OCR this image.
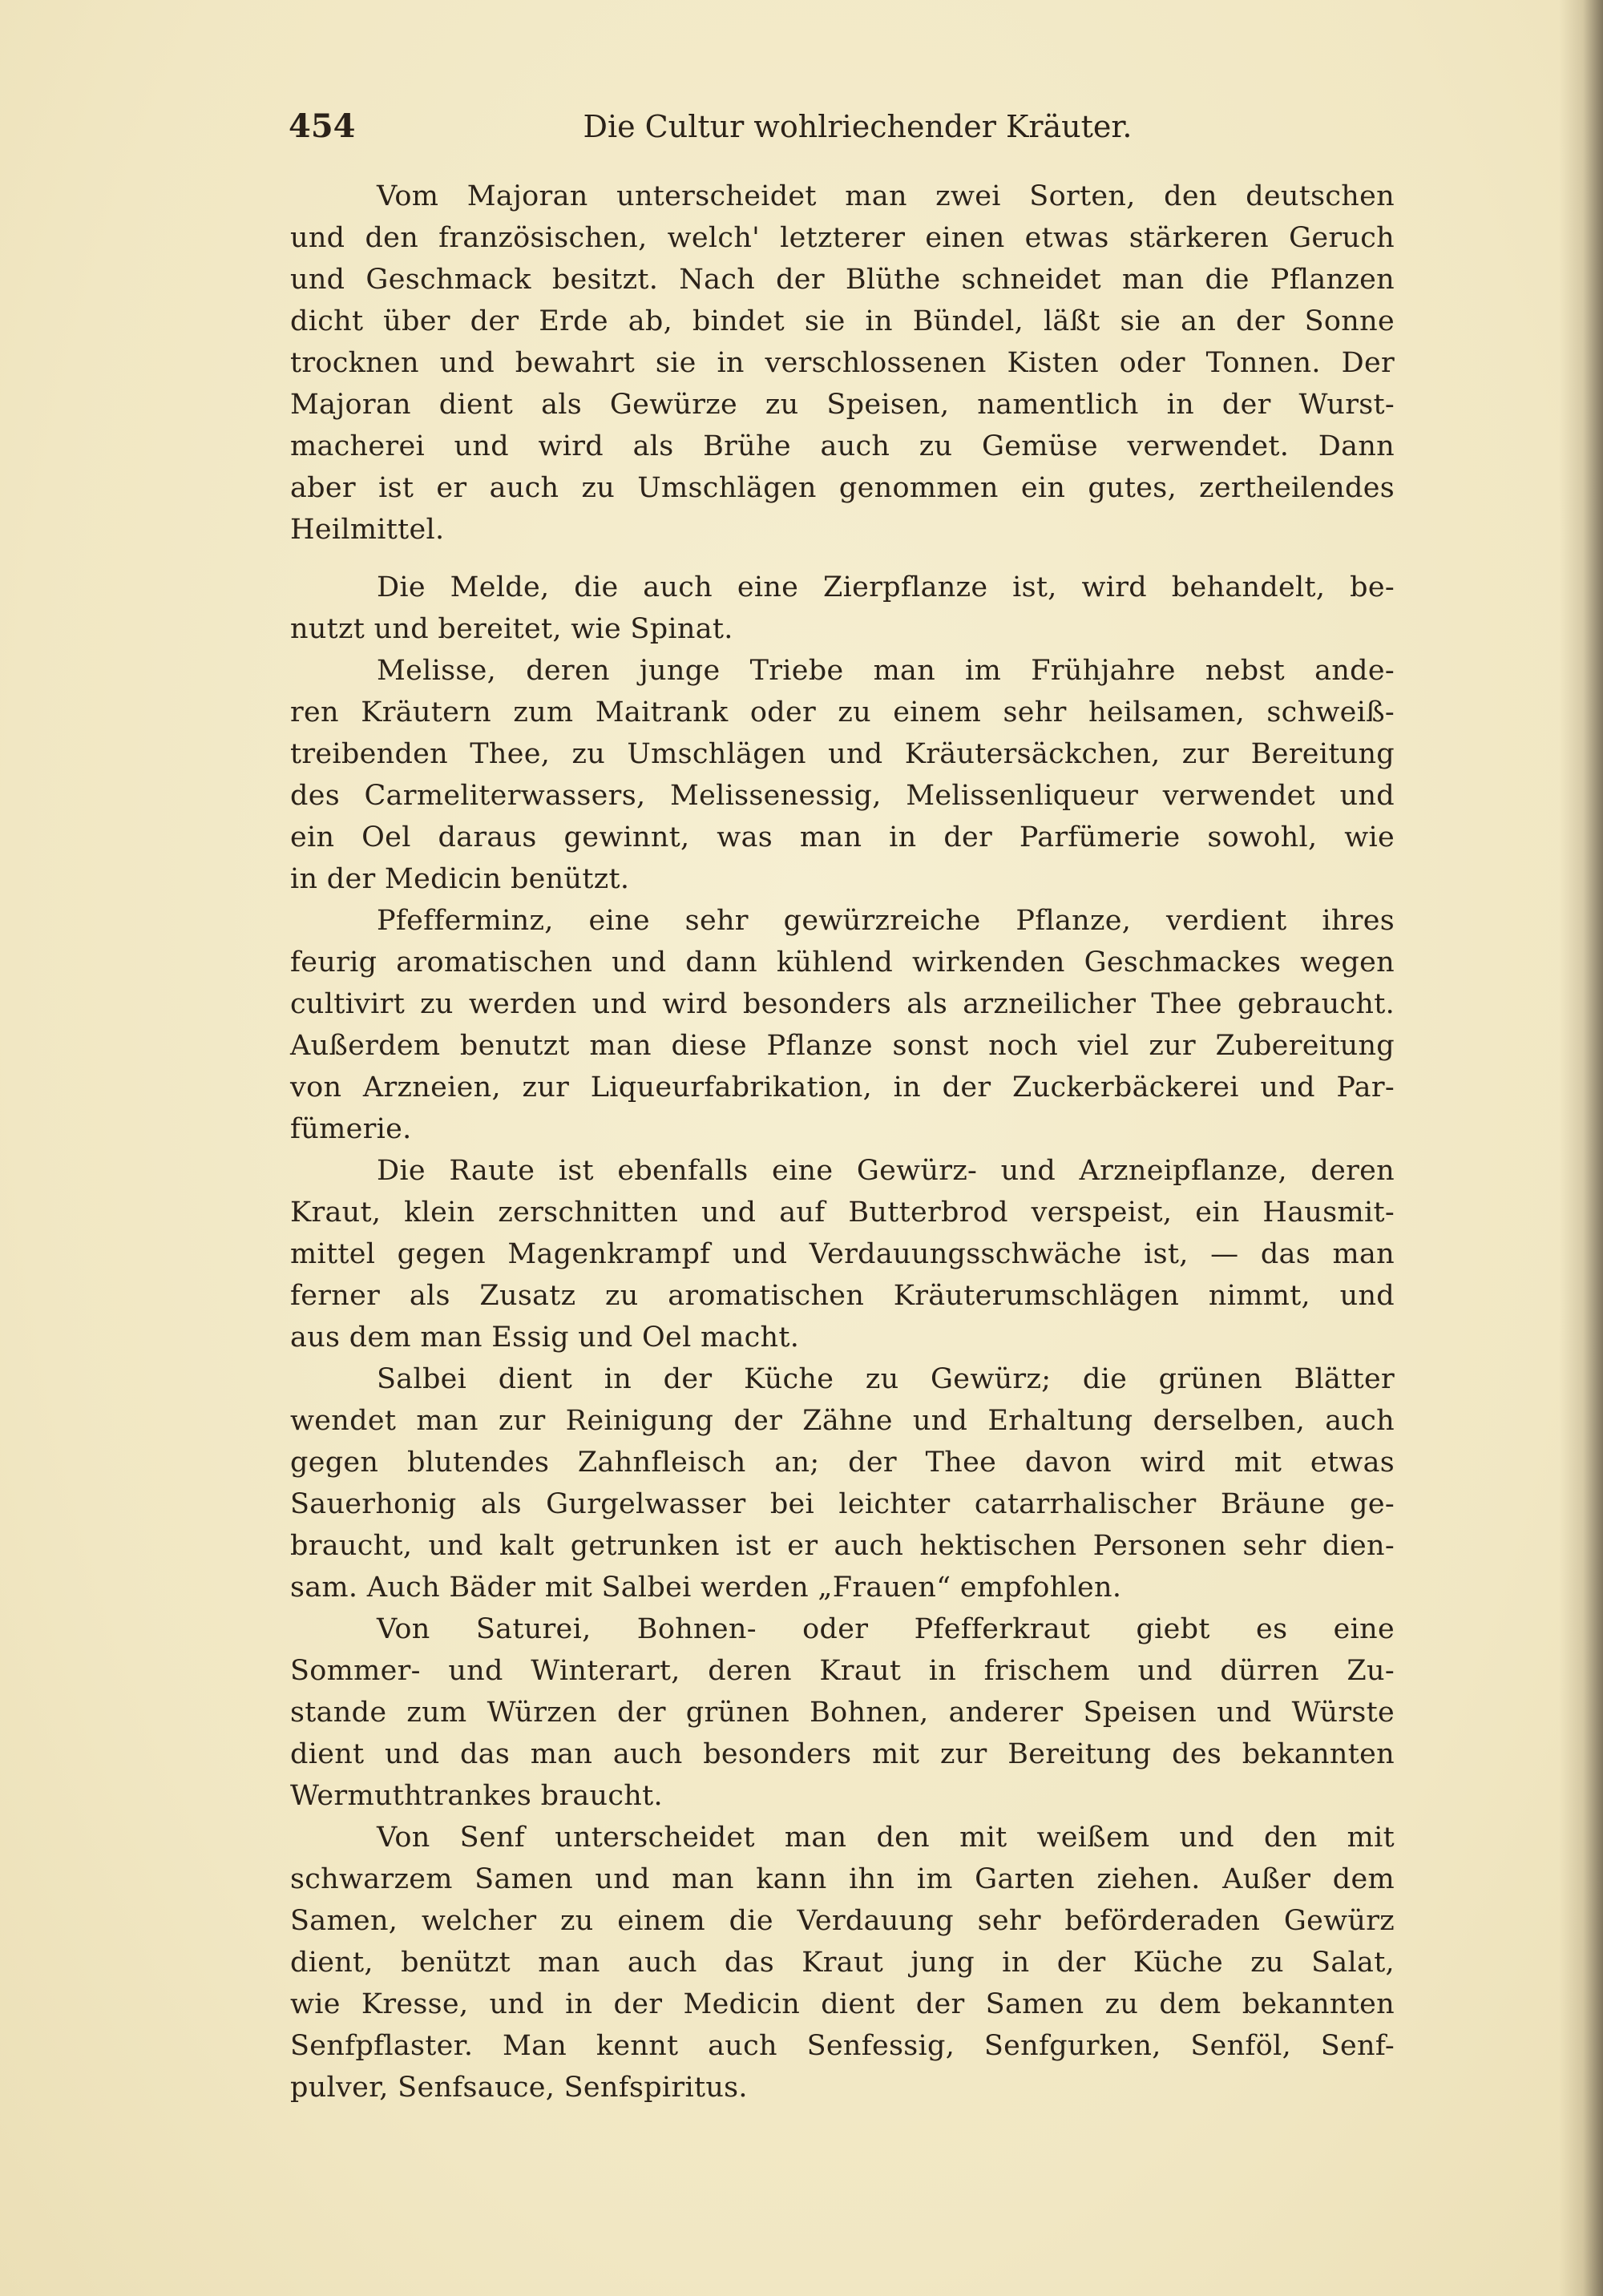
454	Die Cultur wohlriechender Kräuter.
Vom Majoran unterscheidet man zwei Sorten, den deutschen
und den französischen, welch' letzterer einen etwas stärkeren Geruch
und Geschmack besitzt. Nach der Blüthe schneidet man die Pflanzen
dicht über der Erde ab, bindet sie in Bündel, läßt sie an der Sonne
trocknen und bewahrt sie in verschlossenen Kisten oder Tonnen. Der
Majoran dient als Gewürze zu Speisen, namentlich in der Wurst-
macherei und wird als Brühe auch zu Gemüse verwendet. Dann
aber ist er auch zu Umschlägen genommen ein gutes, zertheilendes
Heilmittel.
Die Melde, die auch eine Zierpflanze ist, wird behandelt, be-
nutzt und bereitet, wie Spinat.
Melisse, deren junge Triebe man im Frühjahre nebst ande-
ren Kräutern zum Maitrank oder zu einem sehr heilsamen, schweiß-
treibenden Thee, zu Umschlägen und Kräutersäckchen, zur Bereitung
des Carmeliterwassers, Melissenessig, Melissenliqueur verwendet und
ein Oel daraus gewinnt, was man in der Parfümerie sowohl, wie
in der Medicin benützt.
Pfefferminz, eine sehr gewürzreiche Pflanze, verdient ihres
feurig aromatischen und dann kühlend wirkenden Geschmackes wegen
cultivirt zu werden und wird besonders als arzneilicher Thee gebraucht.
Außerdem benutzt man diese Pflanze sonst noch viel zur Zubereitung
von Arzneien, zur Liqueurfabrikation, in der Zuckerbäckerei und Par-
fümerie.
Die Raute ist ebenfalls eine Gewürz- und Arzneipflanze, deren
Kraut, klein zerschnitten und auf Butterbrod verspeist, ein Hausmit-
mittel gegen Magenkrampf und Verdauungsschwäche ist, — das man
ferner als Zusatz zu aromatischen Kräuterumschlägen nimmt, und
aus dem man Essig und Oel macht.
Salbei dient in der Küche zu Gewürz; die grünen Blätter
wendet man zur Reinigung der Zähne und Erhaltung derselben, auch
gegen blutendes Zahnfleisch an; der Thee davon wird mit etwas
Sauerhonig als Gurgelwasser bei leichter catarrhalischer Bräune ge-
braucht, und kalt getrunken ist er auch hektischen Personen sehr dien-
sam. Auch Bäder mit Salbei werden „Frauen“ empfohlen.
Von Saturei, Bohnen- oder Pfefferkraut giebt es eine
Sommer- und Winterart, deren Kraut in frischem und dürren Zu-
stande zum Würzen der grünen Bohnen, anderer Speisen und Würste
dient und das man auch besonders mit zur Bereitung des bekannten
Wermuthtrankes braucht.
Von Senf unterscheidet man den mit weißem und den mit
schwarzem Samen und man kann ihn im Garten ziehen. Außer dem
Samen, welcher zu einem die Verdauung sehr beförderaden Gewürz
dient, benützt man auch das Kraut jung in der Küche zu Salat,
wie Kresse, und in der Medicin dient der Samen zu dem bekannten
Senfpflaster. Man kennt auch Senfessig, Senfgurken, Senföl, Senf-
pulver, Senfsauce, Senfspiritus.
